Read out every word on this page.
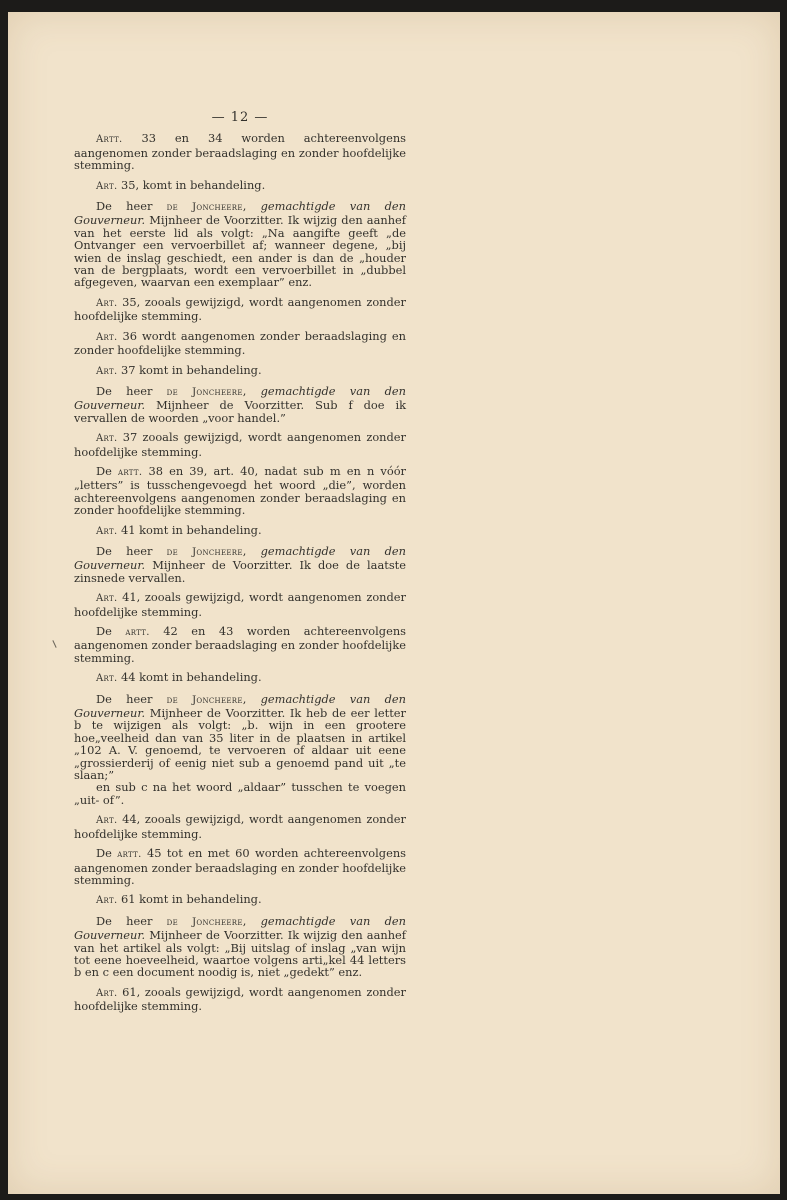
— 12 —
Artt. 33 en 34 worden achtereenvolgens aangenomen zonder beraadslaging en zonder hoofdelijke stemming.
Art. 35, komt in behandeling.
De heer de Joncheere, gemachtigde van den Gouverneur. Mijnheer de Voorzitter. Ik wijzig den aanhef van het eerste lid als volgt: „Na aangifte geeft „de Ontvanger een vervoerbillet af; wanneer degene, „bij wien de inslag geschiedt, een ander is dan de „houder van de bergplaats, wordt een vervoerbillet in „dubbel afgegeven, waarvan een exemplaar” enz.
Art. 35, zooals gewijzigd, wordt aangenomen zonder hoofdelijke stemming.
Art. 36 wordt aangenomen zonder beraadslaging en zonder hoofdelijke stemming.
Art. 37 komt in behandeling.
De heer de Joncheere, gemachtigde van den Gouverneur. Mijnheer de Voorzitter. Sub f doe ik vervallen de woorden „voor handel.”
Art. 37 zooals gewijzigd, wordt aangenomen zonder hoofdelijke stemming.
De artt. 38 en 39, art. 40, nadat sub m en n vóór „letters” is tusschengevoegd het woord „die”, worden achtereenvolgens aangenomen zonder beraadslaging en zonder hoofdelijke stemming.
Art. 41 komt in behandeling.
De heer de Joncheere, gemachtigde van den Gouverneur. Mijnheer de Voorzitter. Ik doe de laatste zinsnede vervallen.
Art. 41, zooals gewijzigd, wordt aangenomen zonder hoofdelijke stemming.
De artt. 42 en 43 worden achtereenvolgens aangenomen zonder beraadslaging en zonder hoofdelijke stemming.
Art. 44 komt in behandeling.
De heer de Joncheere, gemachtigde van den Gouverneur. Mijnheer de Voorzitter. Ik heb de eer letter b te wijzigen als volgt: „b. wijn in een grootere hoe„veelheid dan van 35 liter in de plaatsen in artikel „102 A. V. genoemd, te vervoeren of aldaar uit eene „grossierderij of eenig niet sub a genoemd pand uit „te slaan;”
en sub c na het woord „aldaar” tusschen te voegen „uit- of”.
Art. 44, zooals gewijzigd, wordt aangenomen zonder hoofdelijke stemming.
De artt. 45 tot en met 60 worden achtereenvolgens aangenomen zonder beraadslaging en zonder hoofdelijke stemming.
Art. 61 komt in behandeling.
De heer de Joncheere, gemachtigde van den Gouverneur. Mijnheer de Voorzitter. Ik wijzig den aanhef van het artikel als volgt: „Bij uitslag of inslag „van wijn tot eene hoeveelheid, waartoe volgens arti„kel 44 letters b en c een document noodig is, niet „gedekt” enz.
Art. 61, zooals gewijzigd, wordt aangenomen zonder hoofdelijke stemming.
